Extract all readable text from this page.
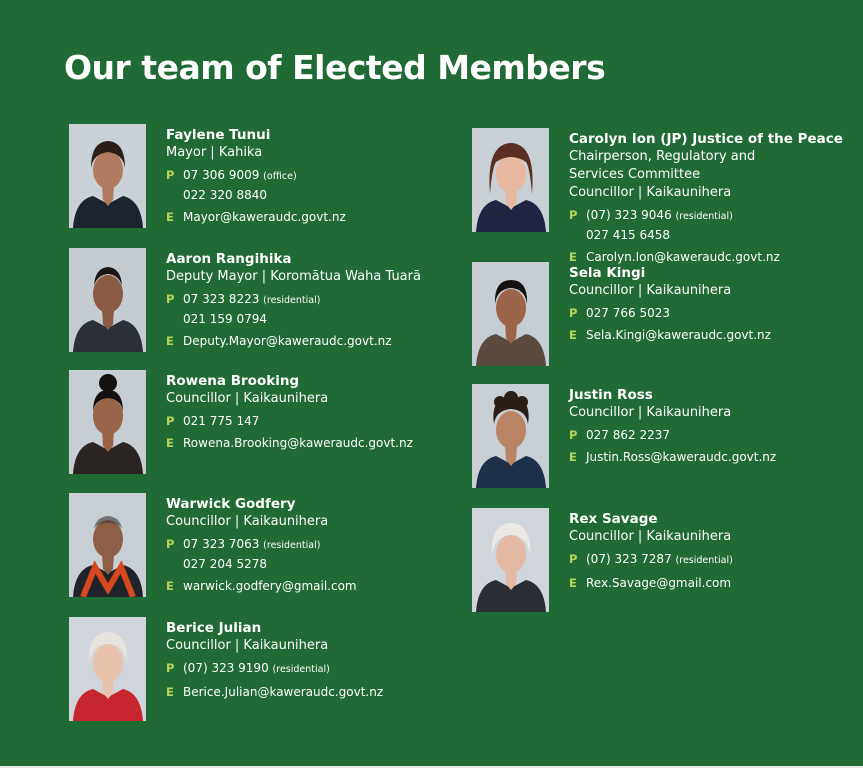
Our team of Elected Members
Faylene Tunui
Mayor | Kahika
P 07 306 9009 (office)
022 320 8840
E Mayor@kaweraudc.govt.nz
Aaron Rangihika
Deputy Mayor | Koromātua Waha Tuarā
P 07 323 8223 (residential)
021 159 0794
E Deputy.Mayor@kaweraudc.govt.nz
Rowena Brooking
Councillor | Kaikaunihera
P 021 775 147
E Rowena.Brooking@kaweraudc.govt.nz
Warwick Godfery
Councillor | Kaikaunihera
P 07 323 7063 (residential)
027 204 5278
E warwick.godfery@gmail.com
Berice Julian
Councillor | Kaikaunihera
P (07) 323 9190 (residential)
E Berice.Julian@kaweraudc.govt.nz
Carolyn Ion (JP) Justice of the Peace
Chairperson, Regulatory and
Services Committee
Councillor | Kaikaunihera
P (07) 323 9046 (residential)
027 415 6458
E Carolyn.Ion@kaweraudc.govt.nz
Sela Kingi
Councillor | Kaikaunihera
P 027 766 5023
E Sela.Kingi@kaweraudc.govt.nz
Justin Ross
Councillor | Kaikaunihera
P 027 862 2237
E Justin.Ross@kaweraudc.govt.nz
Rex Savage
Councillor | Kaikaunihera
P (07) 323 7287 (residential)
E Rex.Savage@gmail.com
